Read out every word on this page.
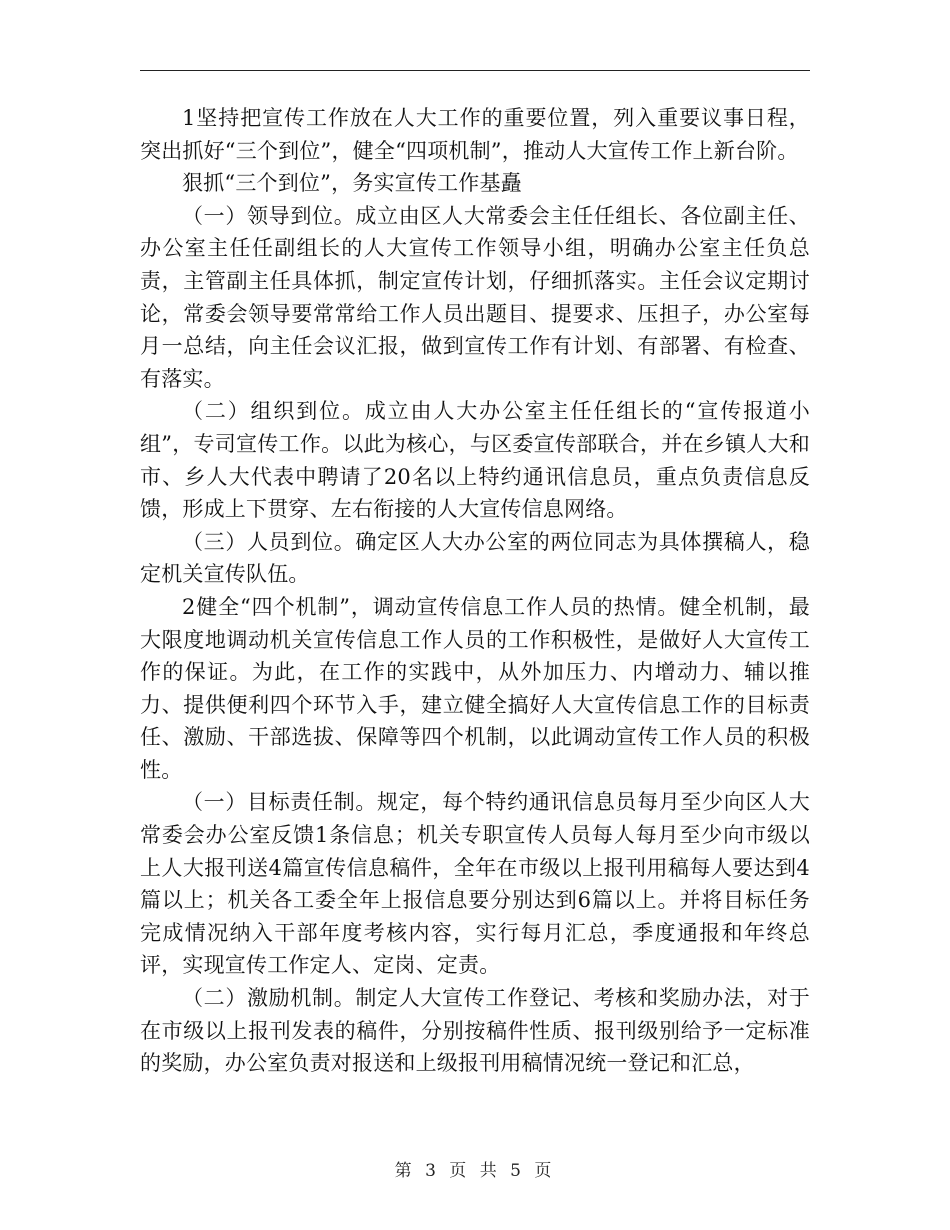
1坚持把宣传工作放在人大工作的重要位置，列入重要议事日程，突出抓好“三个到位”，健全“四项机制”，推动人大宣传工作上新台阶。

狠抓“三个到位”，务实宣传工作基矗

（一）领导到位。成立由区人大常委会主任任组长、各位副主任、办公室主任任副组长的人大宣传工作领导小组，明确办公室主任负总责，主管副主任具体抓，制定宣传计划，仔细抓落实。主任会议定期讨论，常委会领导要常常给工作人员出题目、提要求、压担子，办公室每月一总结，向主任会议汇报，做到宣传工作有计划、有部署、有检查、有落实。

（二）组织到位。成立由人大办公室主任任组长的“宣传报道小组”，专司宣传工作。以此为核心，与区委宣传部联合，并在乡镇人大和市、乡人大代表中聘请了20名以上特约通讯信息员，重点负责信息反馈，形成上下贯穿、左右衔接的人大宣传信息网络。

（三）人员到位。确定区人大办公室的两位同志为具体撰稿人，稳定机关宣传队伍。

2健全“四个机制”，调动宣传信息工作人员的热情。健全机制，最大限度地调动机关宣传信息工作人员的工作积极性，是做好人大宣传工作的保证。为此，在工作的实践中，从外加压力、内增动力、辅以推力、提供便利四个环节入手，建立健全搞好人大宣传信息工作的目标责任、激励、干部选拔、保障等四个机制，以此调动宣传工作人员的积极性。

（一）目标责任制。规定，每个特约通讯信息员每月至少向区人大常委会办公室反馈1条信息；机关专职宣传人员每人每月至少向市级以上人大报刊送4篇宣传信息稿件，全年在市级以上报刊用稿每人要达到4篇以上；机关各工委全年上报信息要分别达到6篇以上。并将目标任务完成情况纳入干部年度考核内容，实行每月汇总，季度通报和年终总评，实现宣传工作定人、定岗、定责。

（二）激励机制。制定人大宣传工作登记、考核和奖励办法，对于在市级以上报刊发表的稿件，分别按稿件性质、报刊级别给予一定标准的奖励，办公室负责对报送和上级报刊用稿情况统一登记和汇总，

第 3 页 共 5 页
